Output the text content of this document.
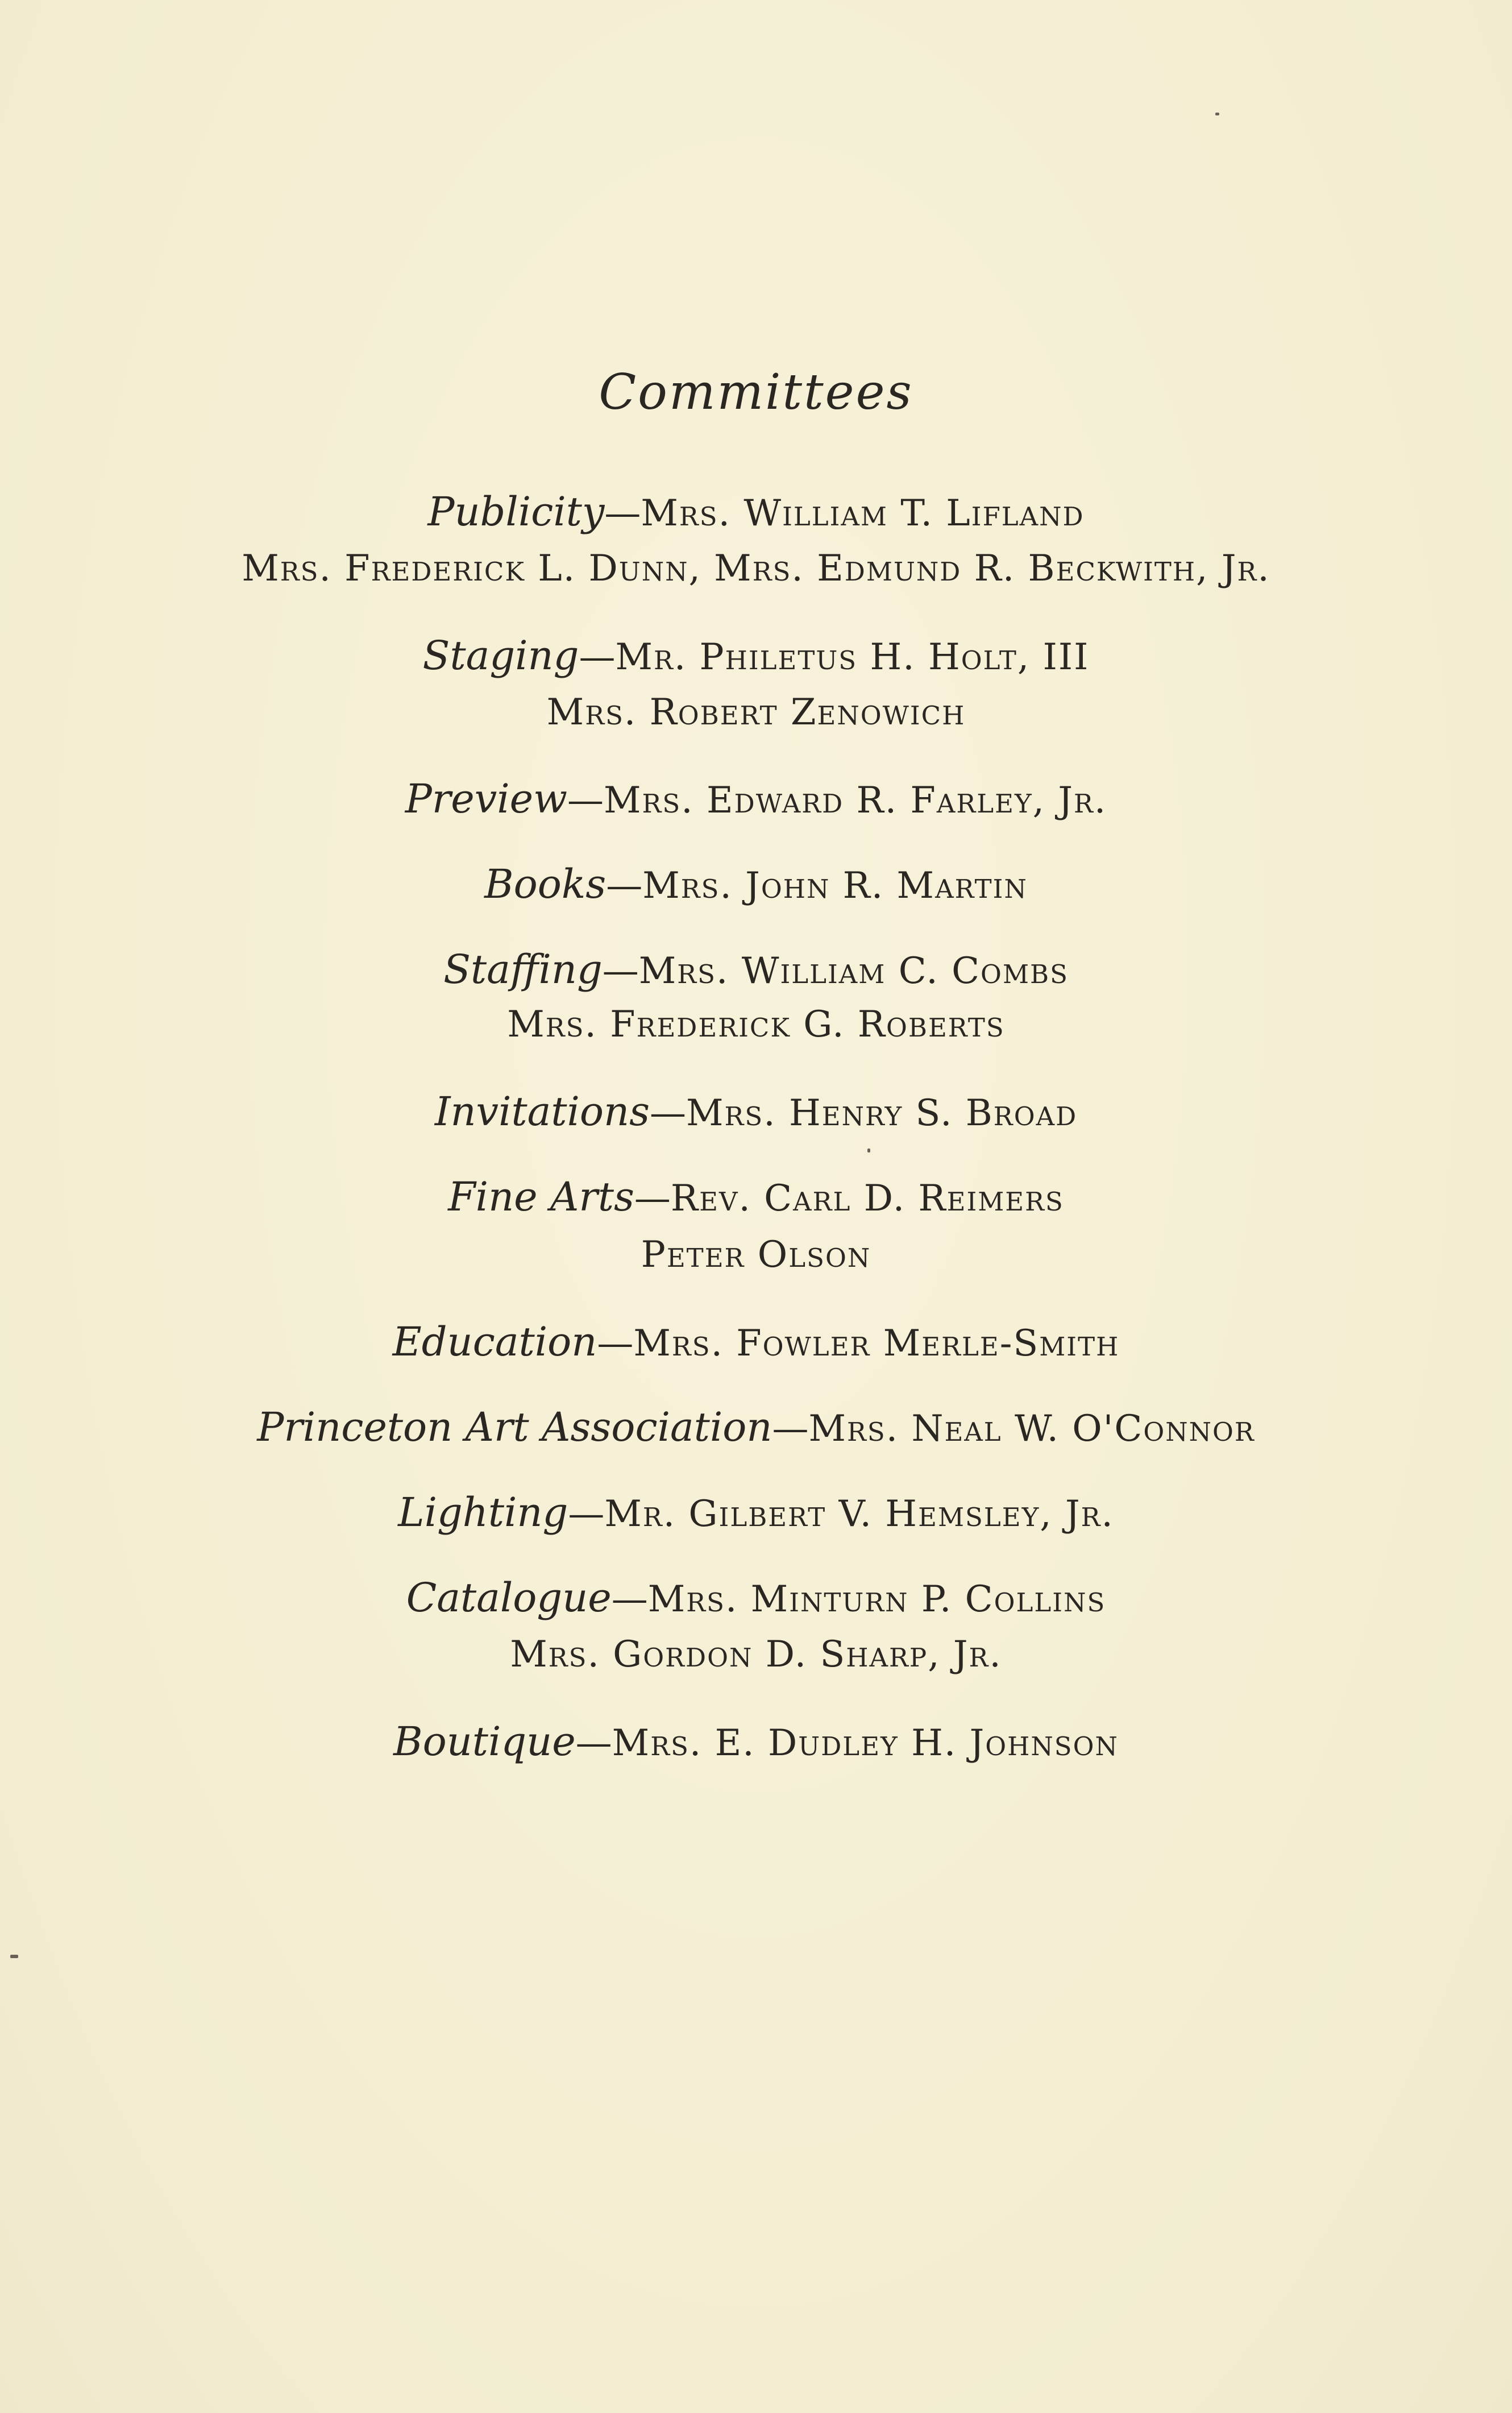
Committees
Publicity—Mrs. William T. Lifland
Mrs. Frederick L. Dunn, Mrs. Edmund R. Beckwith, Jr.
Staging—Mr. Philetus H. Holt, III
Mrs. Robert Zenowich
Preview—Mrs. Edward R. Farley, Jr.
Books—Mrs. John R. Martin
Staffing—Mrs. William C. Combs
Mrs. Frederick G. Roberts
Invitations—Mrs. Henry S. Broad
Fine Arts—Rev. Carl D. Reimers
Peter Olson
Education—Mrs. Fowler Merle-Smith
Princeton Art Association—Mrs. Neal W. O'Connor
Lighting—Mr. Gilbert V. Hemsley, Jr.
Catalogue—Mrs. Minturn P. Collins
Mrs. Gordon D. Sharp, Jr.
Boutique—Mrs. E. Dudley H. Johnson
